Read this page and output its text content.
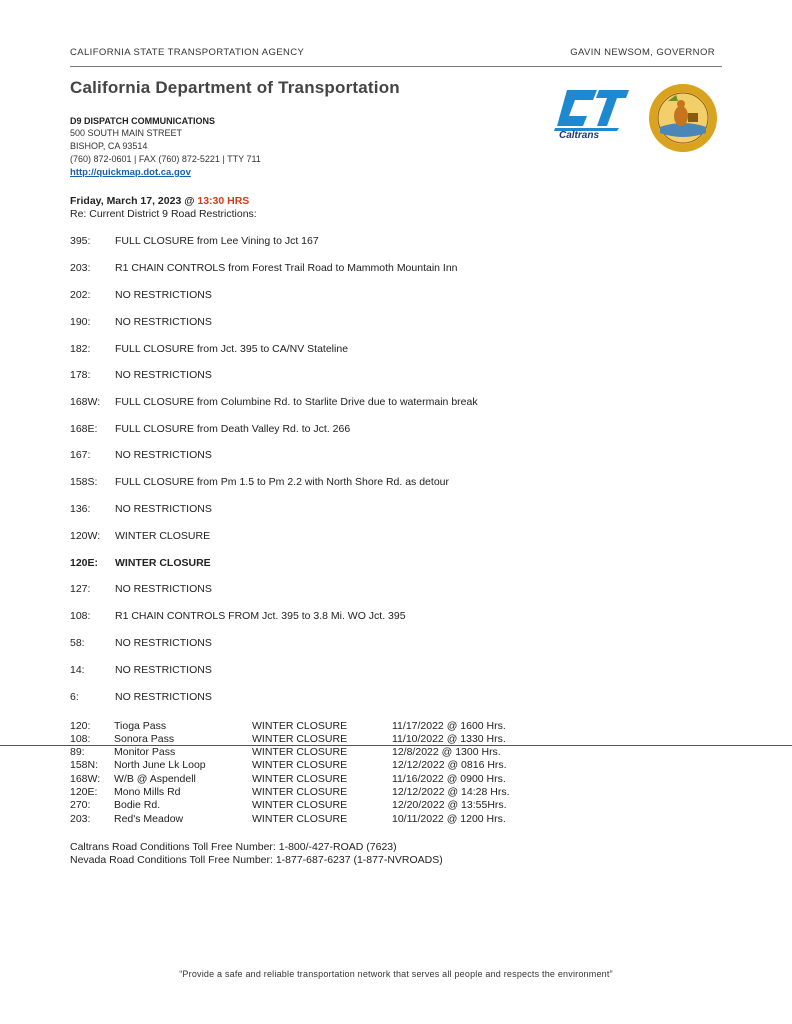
CALIFORNIA STATE TRANSPORTATION AGENCY	GAVIN NEWSOM, GOVERNOR
California Department of Transportation
D9 DISPATCH COMMUNICATIONS
500 SOUTH MAIN STREET
BISHOP, CA 93514
(760) 872-0601 | FAX (760) 872-5221 | TTY 711
http://quickmap.dot.ca.gov
Caltrans
Friday, March 17, 2023 @ 13:30 HRS
Re: Current District 9 Road Restrictions:
395: FULL CLOSURE from Lee Vining to Jct 167
203: R1 CHAIN CONTROLS from Forest Trail Road to Mammoth Mountain Inn
202: NO RESTRICTIONS
190: NO RESTRICTIONS
182: FULL CLOSURE from Jct. 395 to CA/NV Stateline
178: NO RESTRICTIONS
168W: FULL CLOSURE from Columbine Rd. to Starlite Drive due to watermain break
168E: FULL CLOSURE from Death Valley Rd. to Jct. 266
167: NO RESTRICTIONS
158S: FULL CLOSURE from Pm 1.5 to Pm 2.2 with North Shore Rd. as detour
136: NO RESTRICTIONS
120W: WINTER CLOSURE
120E: WINTER CLOSURE
127: NO RESTRICTIONS
108: R1 CHAIN CONTROLS FROM Jct. 395 to 3.8 Mi. WO Jct. 395
58:	NO RESTRICTIONS
14:	NO RESTRICTIONS
6:	NO RESTRICTIONS
120: Tioga Pass	WINTER CLOSURE	11/17/2022 @ 1600 Hrs.
108: Sonora Pass	WINTER CLOSURE	11/10/2022 @ 1330 Hrs.
89:	Monitor Pass	WINTER CLOSURE	12/8/2022 @ 1300 Hrs.
158N: North June Lk Loop	WINTER CLOSURE	12/12/2022 @ 0816 Hrs.
168W: W/B @ Aspendell	WINTER CLOSURE	11/16/2022 @ 0900 Hrs.
120E: Mono Mills Rd	WINTER CLOSURE	12/12/2022 @ 14:28 Hrs.
270: Bodie Rd.	WINTER CLOSURE	12/20/2022 @ 13:55Hrs.
203: Red's Meadow	WINTER CLOSURE	10/11/2022 @ 1200 Hrs.
Caltrans Road Conditions Toll Free Number: 1-800/-427-ROAD (7623)
Nevada Road Conditions Toll Free Number: 1-877-687-6237 (1-877-NVROADS)
“Provide a safe and reliable transportation network that serves all people and respects the environment”
